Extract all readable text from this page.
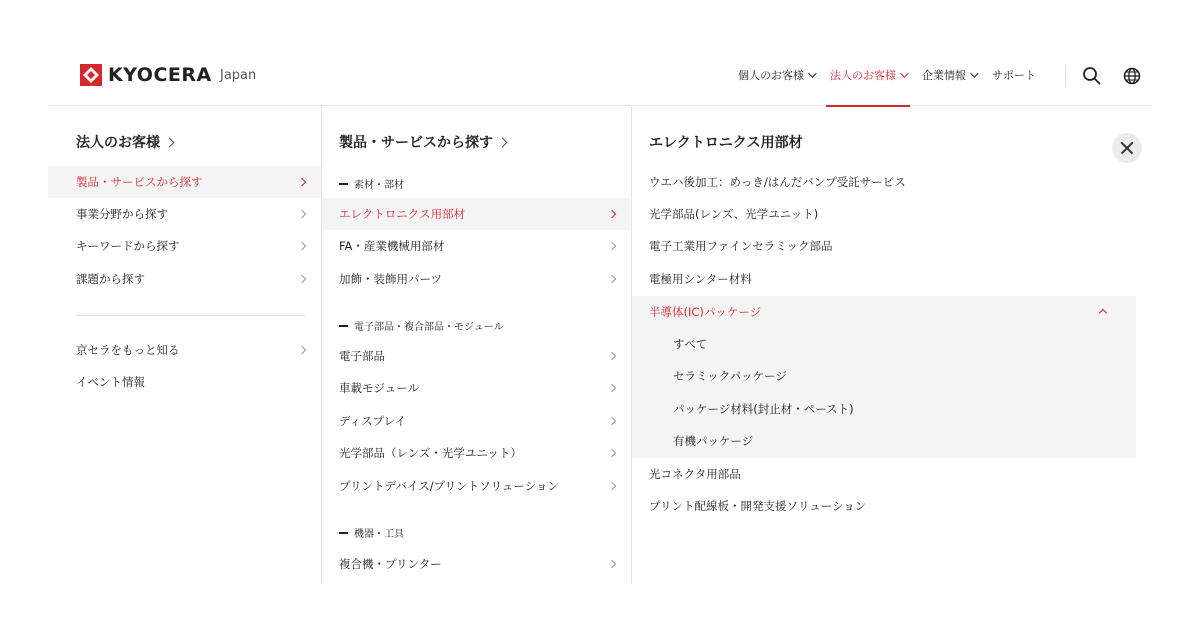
KYOCERA Japan	個人のお客様 法人のお客様 企業情報 サポート
法人のお客様
製品・サービスから探す
事業分野から探す
キーワードから探す
課題から探す
京セラをもっと知る
イベント情報
製品・サービスから探す
素材・部材
エレクトロニクス用部材
FA・産業機械用部材
加飾・装飾用パーツ
電子部品・複合部品・モジュール
電子部品
車載モジュール
ディスプレイ
光学部品（レンズ・光学ユニット）
プリントデバイス/プリントソリューション
機器・工具
複合機・プリンター
エレクトロニクス用部材
ウエハ後加工：めっき/はんだバンプ受託サービス
光学部品(レンズ、光学ユニット)
電子工業用ファインセラミック部品
電極用シンター材料
半導体(IC)パッケージ
すべて
セラミックパッケージ
パッケージ材料(封止材・ペースト)
有機パッケージ
光コネクタ用部品
プリント配線板・開発支援ソリューション
